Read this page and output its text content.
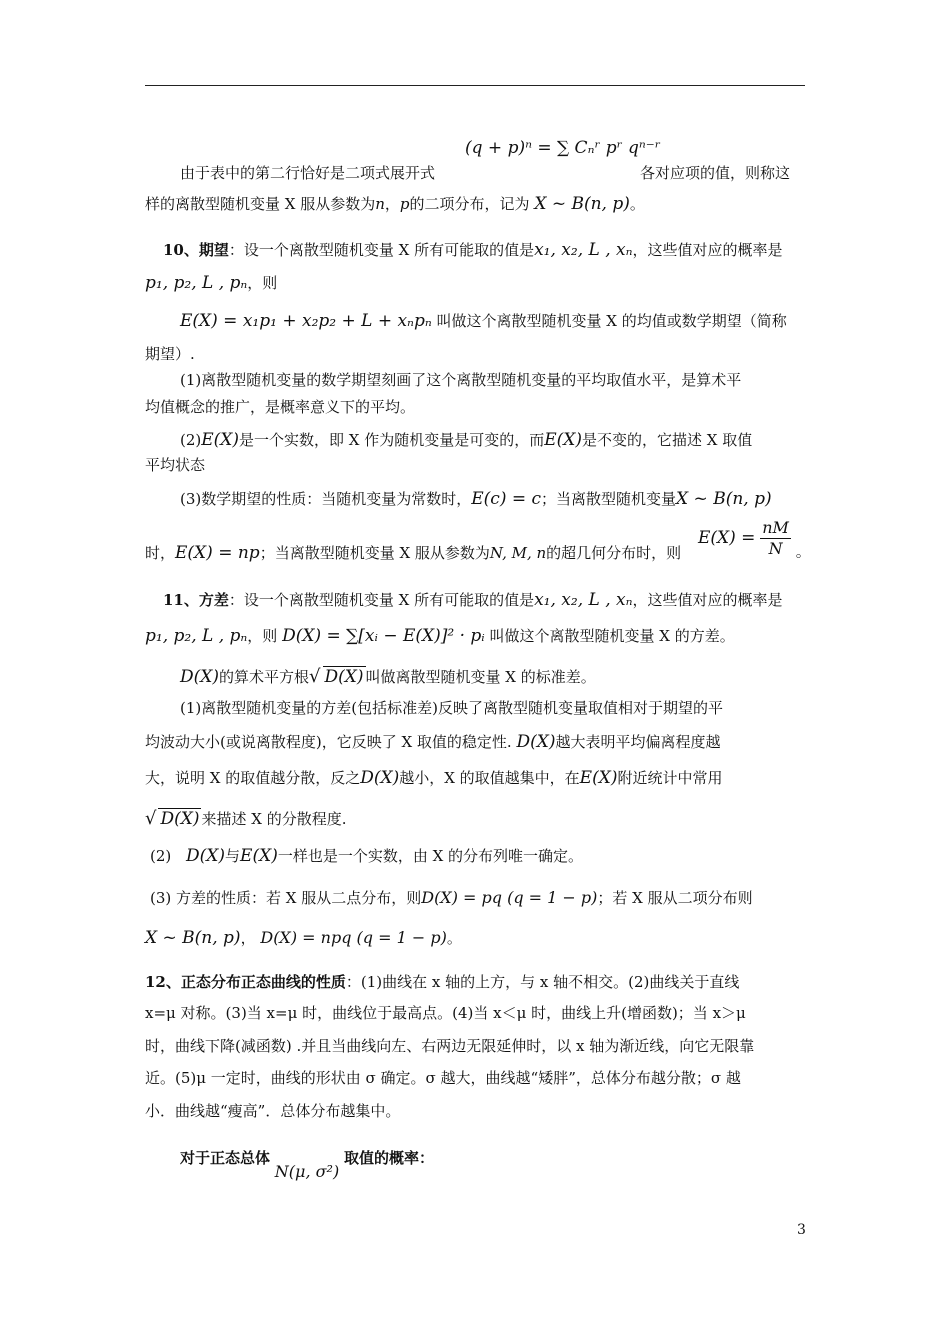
(q + p)ⁿ = ∑ Cₙʳ pʳ qⁿ⁻ʳ
由于表中的第二行恰好是二项式展开式	各对应项的值，则称这
样的离散型随机变量 X 服从参数为n，p的二项分布，记为 X ~ B(n, p)。
10、期望：设一个离散型随机变量 X 所有可能取的值是x₁, x₂, L , xₙ，这些值对应的概率是
p₁, p₂, L , pₙ，则
E(X) = x₁p₁ + x₂p₂ + L + xₙpₙ 叫做这个离散型随机变量 X 的均值或数学期望（简称
期望）.
(1)离散型随机变量的数学期望刻画了这个离散型随机变量的平均取值水平，是算术平
均值概念的推广，是概率意义下的平均。
(2)E(X)是一个实数，即 X 作为随机变量是可变的，而E(X)是不变的，它描述 X 取值
平均状态
(3)数学期望的性质：当随机变量为常数时，E(c) = c；当离散型随机变量X ~ B(n, p)
时，E(X) = np；当离散型随机变量 X 服从参数为N, M, n的超几何分布时，则
$E(X) = \frac{nM}{N}$ 。
11、方差：设一个离散型随机变量 X 所有可能取的值是x₁, x₂, L , xₙ，这些值对应的概率是
p₁, p₂, L , pₙ，则 D(X) = ∑[xᵢ − E(X)]² · pᵢ 叫做这个离散型随机变量 X 的方差。
D(X)的算术平方根√ D(X) 叫做离散型随机变量 X 的标准差。
(1)离散型随机变量的方差(包括标准差)反映了离散型随机变量取值相对于期望的平
均波动大小(或说离散程度)，它反映了 X 取值的稳定性. D(X)越大表明平均偏离程度越
大，说明 X 的取值越分散，反之D(X)越小，X 的取值越集中，在E(X)附近统计中常用
√ D(X) 来描述 X 的分散程度.
(2) D(X)与E(X)一样也是一个实数，由 X 的分布列唯一确定。
(3) 方差的性质：若 X 服从二点分布，则D(X) = pq (q = 1 − p)；若 X 服从二项分布则
X ~ B(n, p)， D(X) = npq (q = 1 − p)。
12、正态分布正态曲线的性质：(1)曲线在 x 轴的上方，与 x 轴不相交。(2)曲线关于直线
x=μ 对称。(3)当 x=μ 时，曲线位于最高点。(4)当 x＜μ 时，曲线上升(增函数)；当 x＞μ
时，曲线下降(减函数) .并且当曲线向左、右两边无限延伸时，以 x 轴为渐近线，向它无限靠
近。(5)μ 一定时，曲线的形状由 σ 确定。σ 越大，曲线越“矮胖”，总体分布越分散；σ 越
小．曲线越“瘦高”．总体分布越集中。
对于正态总体 N(μ, σ²) 取值的概率：
3
